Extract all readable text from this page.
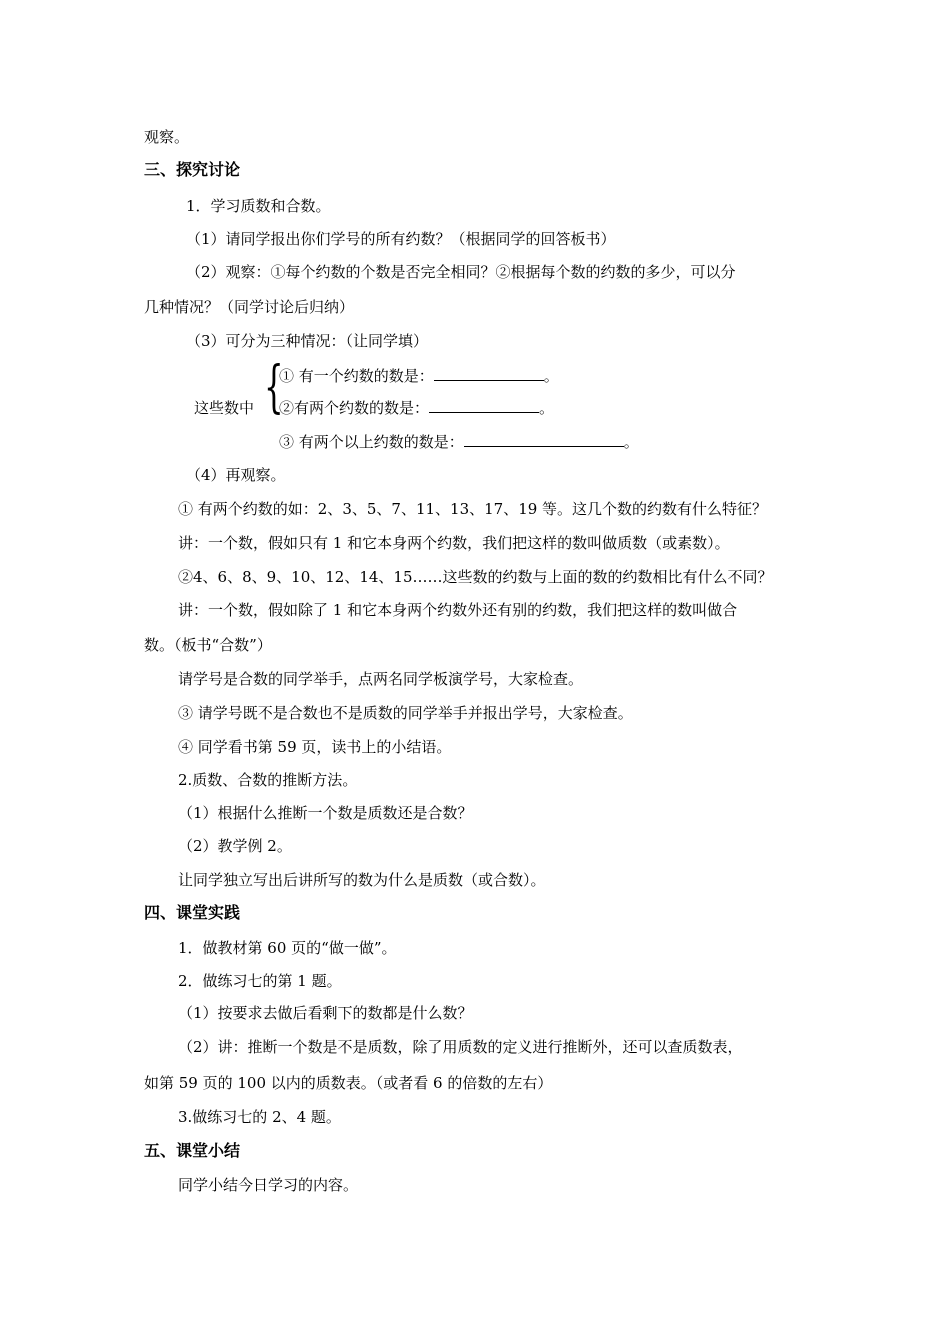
观察。
三、探究讨论
1．学习质数和合数。
（1）请同学报出你们学号的所有约数？（根据同学的回答板书）
（2）观察：①每个约数的个数是否完全相同？②根据每个数的约数的多少，可以分
几种情况？（同学讨论后归纳）
（3）可分为三种情况：（让同学填）
这些数中 {
① 有一个约数的数是：	。
②有两个约数的数是：	。
③ 有两个以上约数的数是：	。
（4）再观察。
① 有两个约数的如：2、3、5、7、11、13、17、19 等。这几个数的约数有什么特征？
讲：一个数，假如只有 1 和它本身两个约数，我们把这样的数叫做质数（或素数）。
②4、6、8、9、10、12、14、15……这些数的约数与上面的数的约数相比有什么不同？
讲：一个数，假如除了 1 和它本身两个约数外还有别的约数，我们把这样的数叫做合
数。（板书“合数”）
请学号是合数的同学举手，点两名同学板演学号，大家检查。
③ 请学号既不是合数也不是质数的同学举手并报出学号，大家检查。
④ 同学看书第 59 页，读书上的小结语。
2.质数、合数的推断方法。
（1）根据什么推断一个数是质数还是合数？
（2）教学例 2。
让同学独立写出后讲所写的数为什么是质数（或合数）。
四、课堂实践
1．做教材第 60 页的“做一做”。
2．做练习七的第 1 题。
（1）按要求去做后看剩下的数都是什么数？
（2）讲：推断一个数是不是质数，除了用质数的定义进行推断外，还可以查质数表，
如第 59 页的 100 以内的质数表。（或者看 6 的倍数的左右）
3.做练习七的 2、4 题。
五、课堂小结
同学小结今日学习的内容。
